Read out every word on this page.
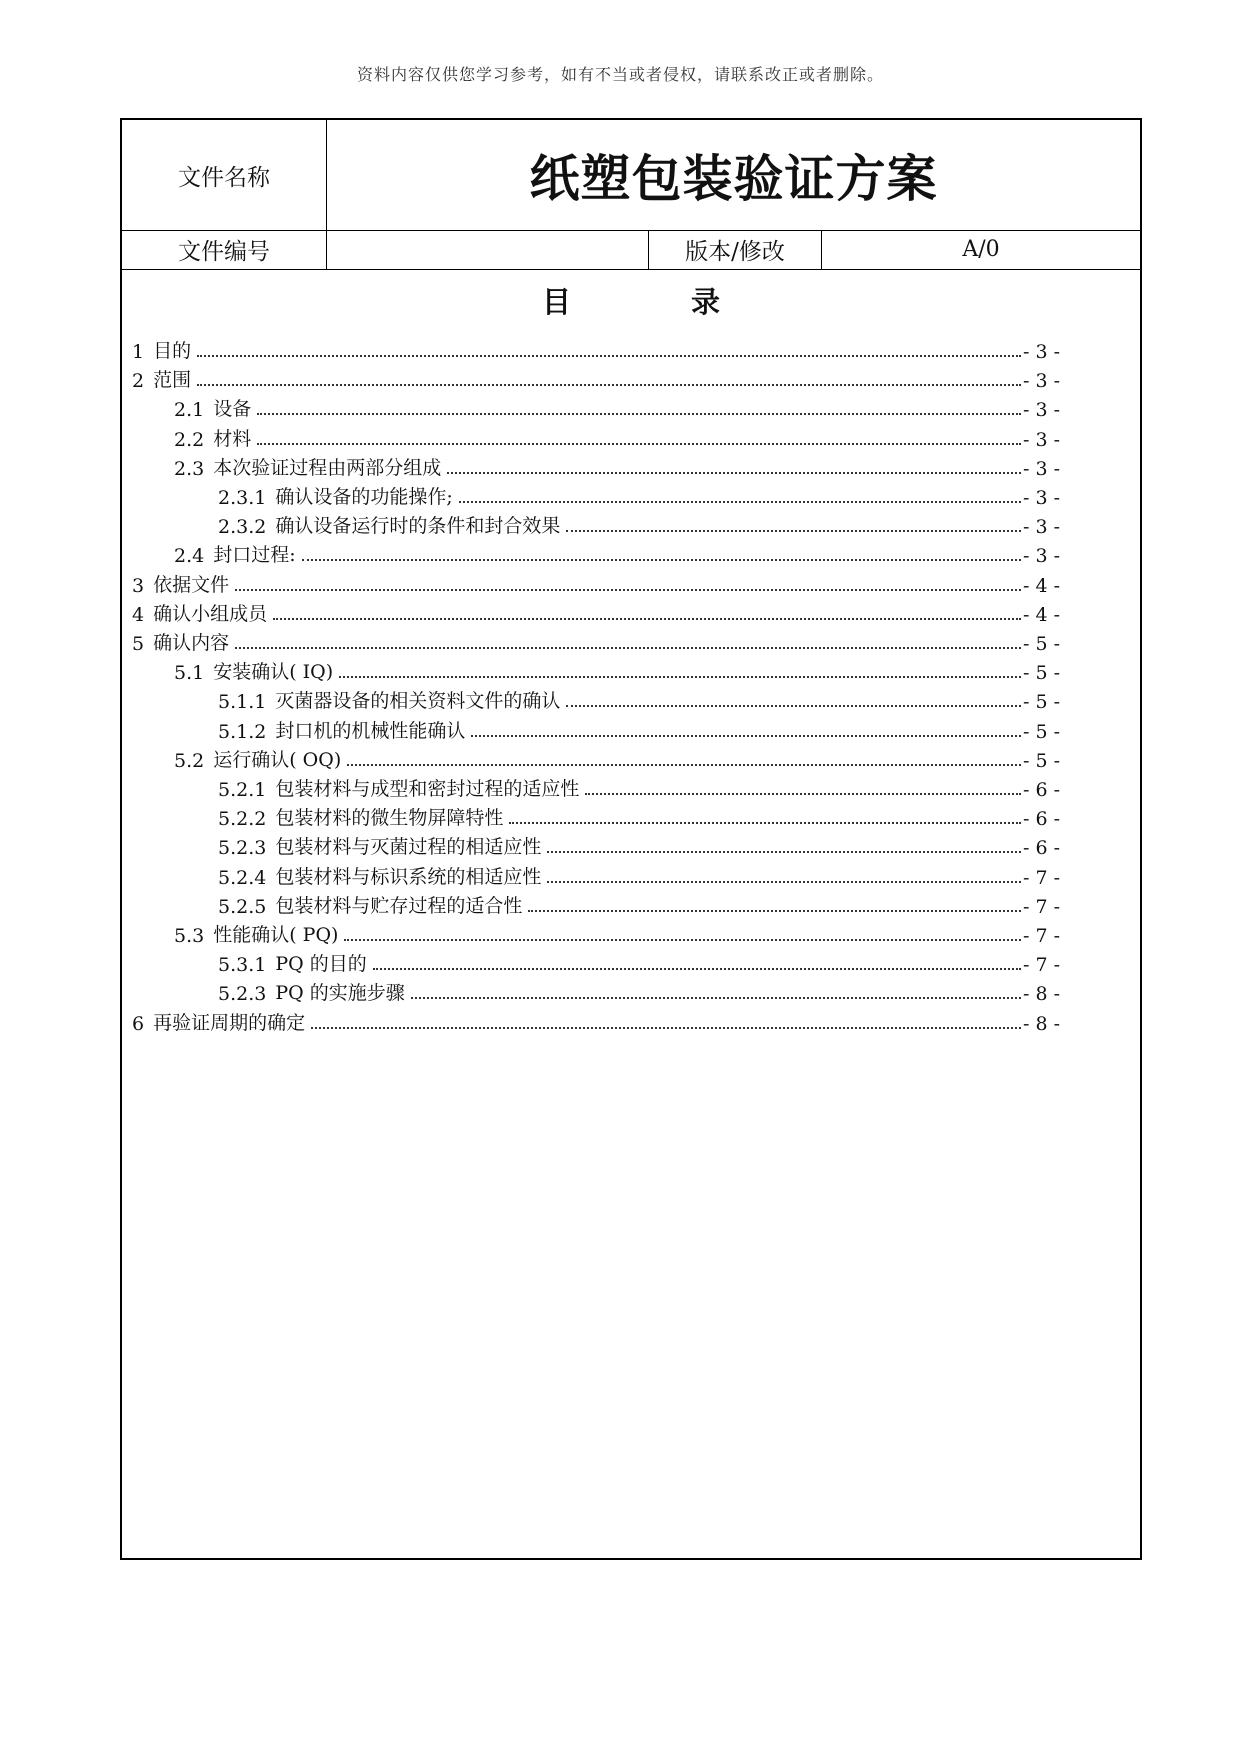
资料内容仅供您学习参考，如有不当或者侵权，请联系改正或者删除。
文件名称	纸塑包装验证方案
文件编号	版本/修改	A/0
目	录
1 目的	- 3 -
2 范围	- 3 -
2.1 设备	- 3 -
2.2 材料	- 3 -
2.3 本次验证过程由两部分组成	- 3 -
2.3.1 确认设备的功能操作;	- 3 -
2.3.2 确认设备运行时的条件和封合效果	- 3 -
2.4 封口过程:	- 3 -
3 依据文件	- 4 -
4 确认小组成员	- 4 -
5 确认内容	- 5 -
5.1 安装确认( IQ)	- 5 -
5.1.1 灭菌器设备的相关资料文件的确认	- 5 -
5.1.2 封口机的机械性能确认	- 5 -
5.2 运行确认( OQ)	- 5 -
5.2.1 包装材料与成型和密封过程的适应性	- 6 -
5.2.2 包装材料的微生物屏障特性	- 6 -
5.2.3 包装材料与灭菌过程的相适应性	- 6 -
5.2.4 包装材料与标识系统的相适应性	- 7 -
5.2.5 包装材料与贮存过程的适合性	- 7 -
5.3 性能确认( PQ)	- 7 -
5.3.1 PQ 的目的	- 7 -
5.2.3 PQ 的实施步骤	- 8 -
6 再验证周期的确定	- 8 -
